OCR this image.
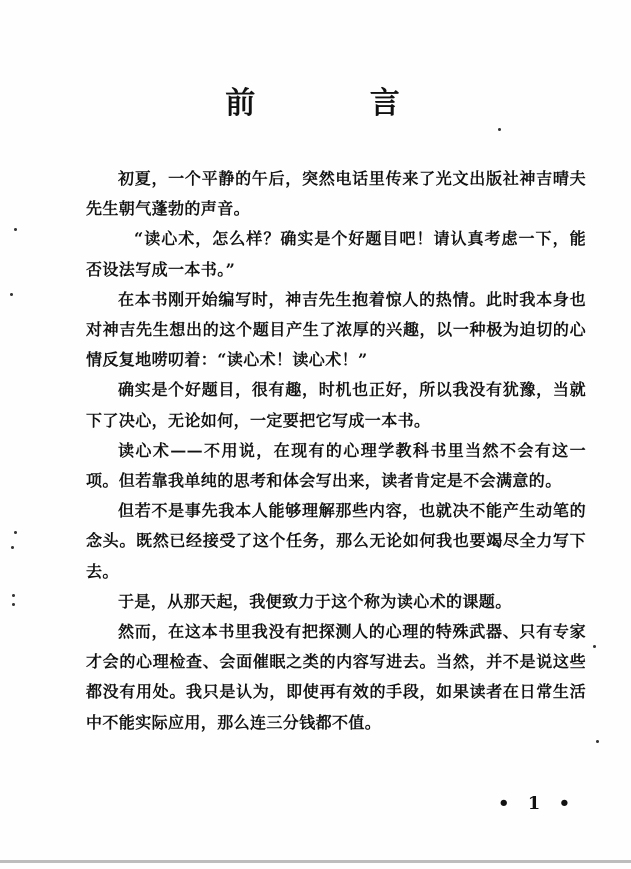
前 言

初夏，一个平静的午后，突然电话里传来了光文出版社神吉晴夫先生朝气蓬勃的声音。

“读心术，怎么样？确实是个好题目吧！请认真考虑一下，能否设法写成一本书。”

在本书刚开始编写时，神吉先生抱着惊人的热情。此时我本身也对神吉先生想出的这个题目产生了浓厚的兴趣，以一种极为迫切的心情反复地唠叨着：“读心术！读心术！”

确实是个好题目，很有趣，时机也正好，所以我没有犹豫，当就下了决心，无论如何，一定要把它写成一本书。

读心术——不用说，在现有的心理学教科书里当然不会有这一项。但若靠我单纯的思考和体会写出来，读者肯定是不会满意的。

但若不是事先我本人能够理解那些内容，也就决不能产生动笔的念头。既然已经接受了这个任务，那么无论如何我也要竭尽全力写下去。

于是，从那天起，我便致力于这个称为读心术的课题。

然而，在这本书里我没有把探测人的心理的特殊武器、只有专家才会的心理检查、会面催眠之类的内容写进去。当然，并不是说这些都没有用处。我只是认为，即使再有效的手段，如果读者在日常生活中不能实际应用，那么连三分钱都不值。

• 1 •
